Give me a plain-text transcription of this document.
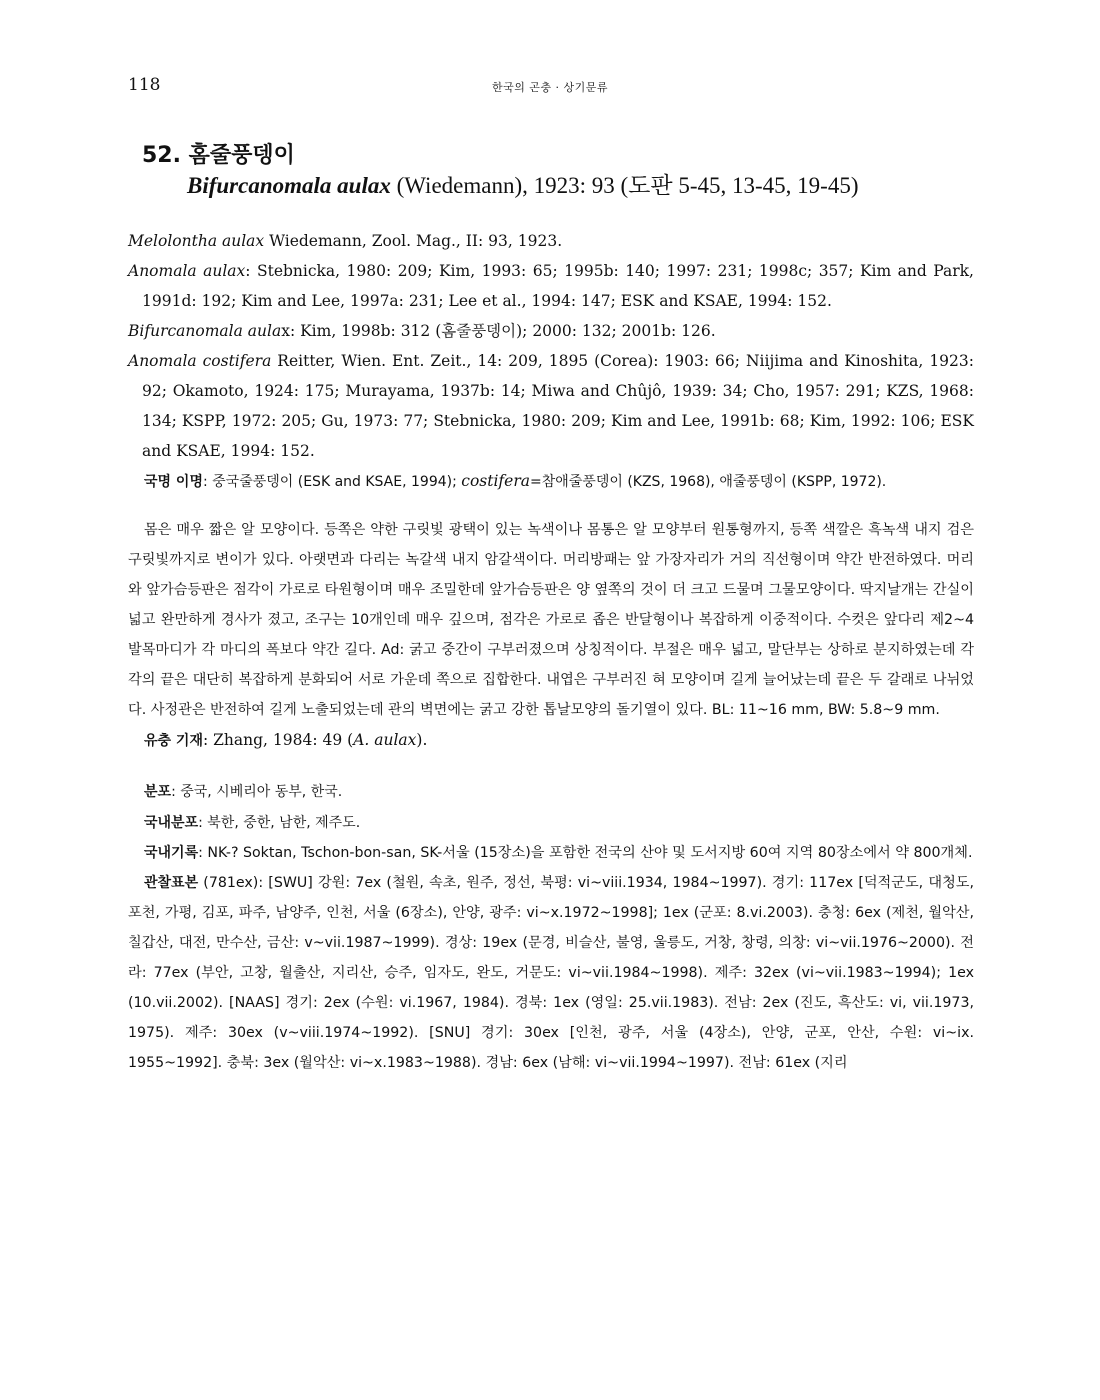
118	한국의 곤충 · 상기문류
52. 홈줄풍뎅이
Bifurcanomala aulax (Wiedemann), 1923: 93 (도판 5-45, 13-45, 19-45)

Melolontha aulax Wiedemann, Zool. Mag., II: 93, 1923.

Anomala aulax: Stebnicka, 1980: 209; Kim, 1993: 65; 1995b: 140; 1997: 231; 1998c; 357; Kim and Park, 1991d: 192; Kim and Lee, 1997a: 231; Lee et al., 1994: 147; ESK and KSAE, 1994: 152.

Bifurcanomala aulax: Kim, 1998b: 312 (홈줄풍뎅이); 2000: 132; 2001b: 126.

Anomala costifera Reitter, Wien. Ent. Zeit., 14: 209, 1895 (Corea): 1903: 66; Niijima and Kinoshita, 1923: 92; Okamoto, 1924: 175; Murayama, 1937b: 14; Miwa and Chûjô, 1939: 34; Cho, 1957: 291; KZS, 1968: 134; KSPP, 1972: 205; Gu, 1973: 77; Stebnicka, 1980: 209; Kim and Lee, 1991b: 68; Kim, 1992: 106; ESK and KSAE, 1994: 152.

국명 이명: 중국줄풍뎅이 (ESK and KSAE, 1994); costifera=참애줄풍뎅이 (KZS, 1968), 애줄풍뎅이 (KSPP, 1972).

몸은 매우 짧은 알 모양이다. 등쪽은 약한 구릿빛 광택이 있는 녹색이나 몸통은 알 모양부터 원통형까지, 등쪽 색깔은 흑녹색 내지 검은 구릿빛까지로 변이가 있다. 아랫면과 다리는 녹갈색 내지 암갈색이다. 머리방패는 앞 가장자리가 거의 직선형이며 약간 반전하였다. 머리와 앞가슴등판은 점각이 가로로 타원형이며 매우 조밀한데 앞가슴등판은 양 옆쪽의 것이 더 크고 드물며 그물모양이다. 딱지날개는 간실이 넓고 완만하게 경사가 졌고, 조구는 10개인데 매우 깊으며, 점각은 가로로 좁은 반달형이나 복잡하게 이중적이다. 수컷은 앞다리 제2~4발목마디가 각 마디의 폭보다 약간 길다. Ad: 굵고 중간이 구부러졌으며 상칭적이다. 부절은 매우 넓고, 말단부는 상하로 분지하였는데 각각의 끝은 대단히 복잡하게 분화되어 서로 가운데 쪽으로 집합한다. 내엽은 구부러진 혀 모양이며 길게 늘어났는데 끝은 두 갈래로 나뉘었다. 사정관은 반전하여 길게 노출되었는데 관의 벽면에는 굵고 강한 톱날모양의 돌기열이 있다. BL: 11~16 mm, BW: 5.8~9 mm.

유충 기재: Zhang, 1984: 49 (A. aulax).

분포: 중국, 시베리아 동부, 한국.

국내분포: 북한, 중한, 남한, 제주도.

국내기록: NK-? Soktan, Tschon-bon-san, SK-서울 (15장소)을 포함한 전국의 산야 및 도서지방 60여 지역 80장소에서 약 800개체.

관찰표본 (781ex): [SWU] 강원: 7ex (철원, 속초, 원주, 정선, 북평: vi~viii.1934, 1984~1997). 경기: 117ex [덕적군도, 대청도, 포천, 가평, 김포, 파주, 남양주, 인천, 서울 (6장소), 안양, 광주: vi~x.1972~1998]; 1ex (군포: 8.vi.2003). 충청: 6ex (제천, 월악산, 칠갑산, 대전, 만수산, 금산: v~vii.1987~1999). 경상: 19ex (문경, 비슬산, 불영, 울릉도, 거창, 창령, 의창: vi~vii.1976~2000). 전라: 77ex (부안, 고창, 월출산, 지리산, 승주, 임자도, 완도, 거문도: vi~vii.1984~1998). 제주: 32ex (vi~vii.1983~1994); 1ex (10.vii.2002). [NAAS] 경기: 2ex (수원: vi.1967, 1984). 경북: 1ex (영일: 25.vii.1983). 전남: 2ex (진도, 흑산도: vi, vii.1973, 1975). 제주: 30ex (v~viii.1974~1992). [SNU] 경기: 30ex [인천, 광주, 서울 (4장소), 안양, 군포, 안산, 수원: vi~ix. 1955~1992]. 충북: 3ex (월악산: vi~x.1983~1988). 경남: 6ex (남해: vi~vii.1994~1997). 전남: 61ex (지리
